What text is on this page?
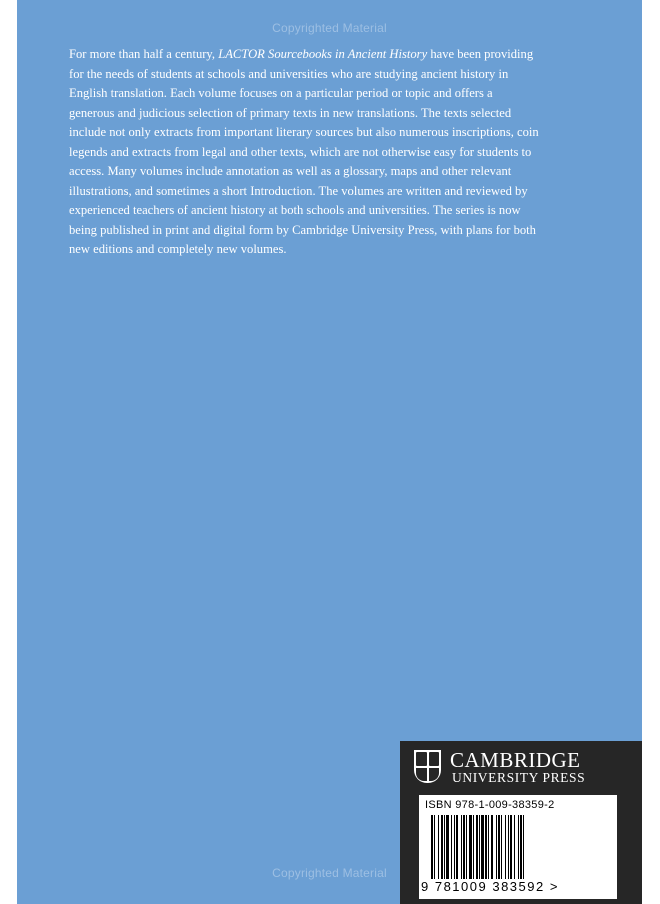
Copyrighted Material

For more than half a century, LACTOR Sourcebooks in Ancient History have been providing for the needs of students at schools and universities who are studying ancient history in English translation. Each volume focuses on a particular period or topic and offers a generous and judicious selection of primary texts in new translations. The texts selected include not only extracts from important literary sources but also numerous inscriptions, coin legends and extracts from legal and other texts, which are not otherwise easy for students to access. Many volumes include annotation as well as a glossary, maps and other relevant illustrations, and sometimes a short Introduction. The volumes are written and reviewed by experienced teachers of ancient history at both schools and universities. The series is now being published in print and digital form by Cambridge University Press, with plans for both new editions and completely new volumes.

Copyrighted Material
CAMBRIDGE
UNIVERSITY PRESS
ISBN 978-1-009-38359-2
9 781009 383592 >
